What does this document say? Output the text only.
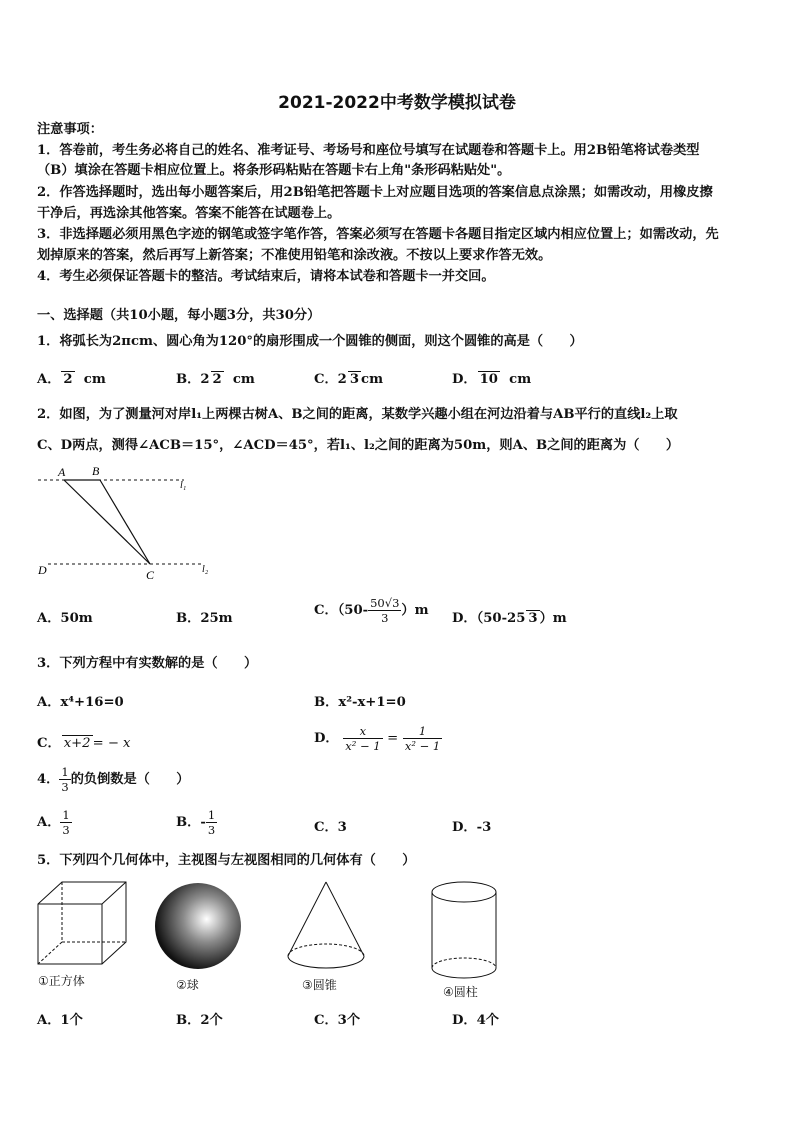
2021-2022中考数学模拟试卷
注意事项：
1．答卷前，考生务必将自己的姓名、准考证号、考场号和座位号填写在试题卷和答题卡上。用2B铅笔将试卷类型
（B）填涂在答题卡相应位置上。将条形码粘贴在答题卡右上角"条形码粘贴处"。
2．作答选择题时，选出每小题答案后，用2B铅笔把答题卡上对应题目选项的答案信息点涂黑；如需改动，用橡皮擦
干净后，再选涂其他答案。答案不能答在试题卷上。
3．非选择题必须用黑色字迹的钢笔或签字笔作答，答案必须写在答题卡各题目指定区域内相应位置上；如需改动，先
划掉原来的答案，然后再写上新答案；不准使用铅笔和涂改液。不按以上要求作答无效。
4．考生必须保证答题卡的整洁。考试结束后，请将本试卷和答题卡一并交回。
一、选择题（共10小题，每小题3分，共30分）
1．将弧长为2πcm、圆心角为120°的扇形围成一个圆锥的侧面，则这个圆锥的高是（　　）
A． 2 cm	B．2 2 cm	C．2 3 cm	D． 10 cm
2．如图，为了测量河对岸l₁上两棵古树A、B之间的距离，某数学兴趣小组在河边沿着与AB平行的直线l₂上取
C、D两点，测得∠ACB＝15°，∠ACD＝45°，若l₁、l₂之间的距离为50m，则A、B之间的距离为（　　）
A B
C
D
l₁
l₂
A．50m	B．25m
C．$(50- \frac{50√3}{3} )m$
D．（50-25 3 ）m
3．下列方程中有实数解的是（　　）
A．x⁴+16=0	B．x²-x+1=0
C． x+2 = − x	D． $\frac{x}{\text{x² − 1}} = \frac{1}{\text{x² − 1}}$
4． $\frac{1}{3}$ 的负倒数是（　　）
A． $\frac{1}{3}$	B．- $\frac{1}{3}$	C．3	D．-3
5．下列四个几何体中，主视图与左视图相同的几何体有（　　）
①正方体	②球	③圆锥	④圆柱
A．1个	B．2个	C．3个	D．4个
